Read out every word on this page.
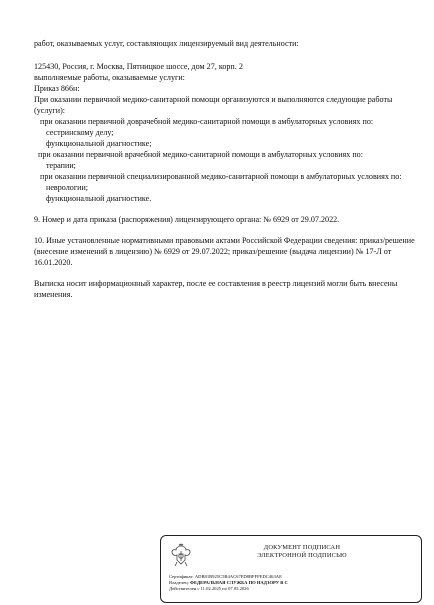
работ, оказываемых услуг, составляющих лицензируемый вид деятельности:

125430, Россия, г. Москва, Пятницкое шоссе, дом 27, корп. 2

выполняемые работы, оказываемые услуги:

Приказ 866н:

При оказании первичной медико-санитарной помощи организуются и выполняются следующие работы (услуги):

при оказании первичной доврачебной медико-санитарной помощи в амбулаторных условиях по:

сестринскому делу;

функциональной диагностике;

при оказании первичной врачебной медико-санитарной помощи в амбулаторных условиях по:

терапии;

при оказании первичной специализированной медико-санитарной помощи в амбулаторных условиях по:

неврологии;

функциональной диагностике.

9. Номер и дата приказа (распоряжения) лицензирующего органа: № 6929 от 29.07.2022.

10. Иные установленные нормативными правовыми актами Российской Федерации сведения: приказ/решение (внесение изменений в лицензию) № 6929 от 29.07.2022; приказ/решение (выдача лицензии) № 17-Л от 16.01.2020.

Выписка носит информационный характер, после ее составления в реестр лицензий могли быть внесены изменения.

ДОКУМЕНТ ПОДПИСАН
ЭЛЕКТРОННОЙ ПОДПИСЬЮ
Сертификат: ADB81B925C5B4AC67FD8BFFFEDC463AE
Владелец: ФЕДЕРАЛЬНАЯ СЛУЖБА ПО НАДЗОРУ В С
Действителен с 11.02.2025 по 07.05.2026
